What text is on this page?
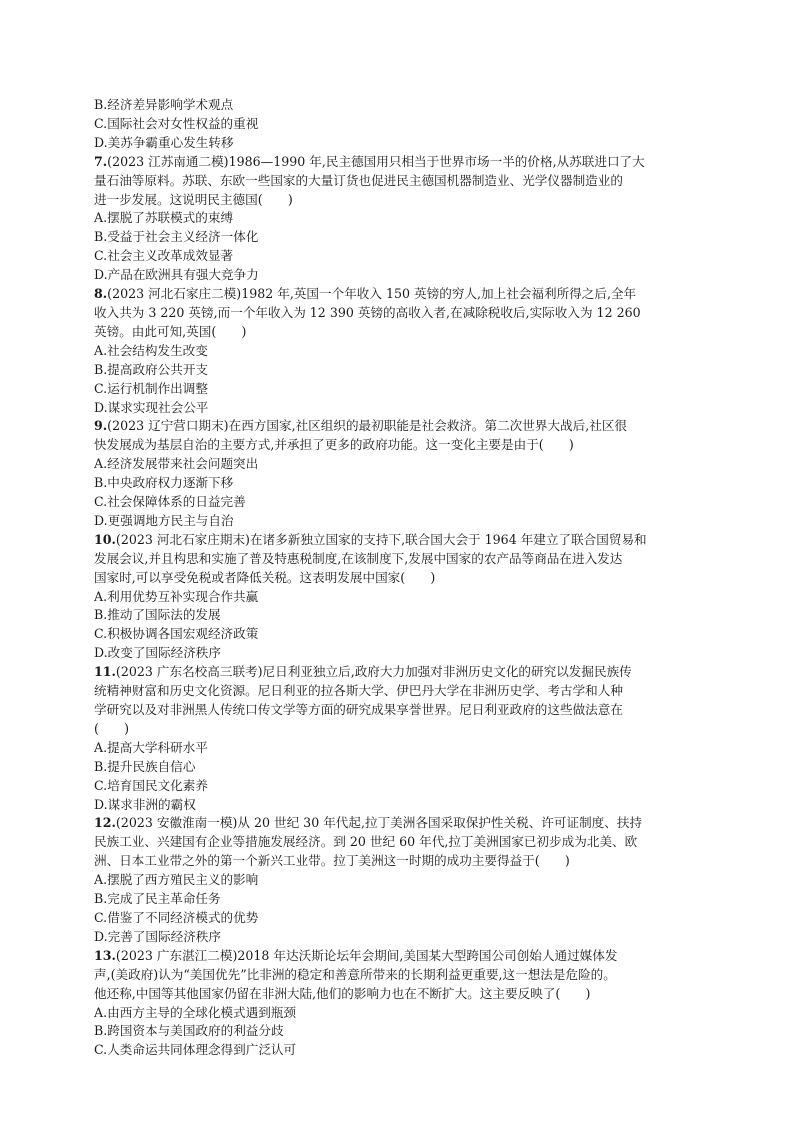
B.经济差异影响学术观点
C.国际社会对女性权益的重视
D.美苏争霸重心发生转移
7.(2023 江苏南通二模)1986—1990 年,民主德国用只相当于世界市场一半的价格,从苏联进口了大
量石油等原料。苏联、东欧一些国家的大量订货也促进民主德国机器制造业、光学仪器制造业的
进一步发展。这说明民主德国(　　)
A.摆脱了苏联模式的束缚
B.受益于社会主义经济一体化
C.社会主义改革成效显著
D.产品在欧洲具有强大竞争力
8.(2023 河北石家庄二模)1982 年,英国一个年收入 150 英镑的穷人,加上社会福利所得之后,全年
收入共为 3 220 英镑,而一个年收入为 12 390 英镑的高收入者,在减除税收后,实际收入为 12 260
英镑。由此可知,英国(　　)
A.社会结构发生改变
B.提高政府公共开支
C.运行机制作出调整
D.谋求实现社会公平
9.(2023 辽宁营口期末)在西方国家,社区组织的最初职能是社会救济。第二次世界大战后,社区很
快发展成为基层自治的主要方式,并承担了更多的政府功能。这一变化主要是由于(　　)
A.经济发展带来社会问题突出
B.中央政府权力逐渐下移
C.社会保障体系的日益完善
D.更强调地方民主与自治
10.(2023 河北石家庄期末)在诸多新独立国家的支持下,联合国大会于 1964 年建立了联合国贸易和
发展会议,并且构思和实施了普及特惠税制度,在该制度下,发展中国家的农产品等商品在进入发达
国家时,可以享受免税或者降低关税。这表明发展中国家(　　)
A.利用优势互补实现合作共赢
B.推动了国际法的发展
C.积极协调各国宏观经济政策
D.改变了国际经济秩序
11.(2023 广东名校高三联考)尼日利亚独立后,政府大力加强对非洲历史文化的研究以发掘民族传
统精神财富和历史文化资源。尼日利亚的拉各斯大学、伊巴丹大学在非洲历史学、考古学和人种
学研究以及对非洲黑人传统口传文学等方面的研究成果享誉世界。尼日利亚政府的这些做法意在
(　　)
A.提高大学科研水平
B.提升民族自信心
C.培育国民文化素养
D.谋求非洲的霸权
12.(2023 安徽淮南一模)从 20 世纪 30 年代起,拉丁美洲各国采取保护性关税、许可证制度、扶持
民族工业、兴建国有企业等措施发展经济。到 20 世纪 60 年代,拉丁美洲国家已初步成为北美、欧
洲、日本工业带之外的第一个新兴工业带。拉丁美洲这一时期的成功主要得益于(　　)
A.摆脱了西方殖民主义的影响
B.完成了民主革命任务
C.借鉴了不同经济模式的优势
D.完善了国际经济秩序
13.(2023 广东湛江二模)2018 年达沃斯论坛年会期间,美国某大型跨国公司创始人通过媒体发
声,(美政府)认为“美国优先”比非洲的稳定和善意所带来的长期利益更重要,这一想法是危险的。
他还称,中国等其他国家仍留在非洲大陆,他们的影响力也在不断扩大。这主要反映了(　　)
A.由西方主导的全球化模式遇到瓶颈
B.跨国资本与美国政府的利益分歧
C.人类命运共同体理念得到广泛认可
